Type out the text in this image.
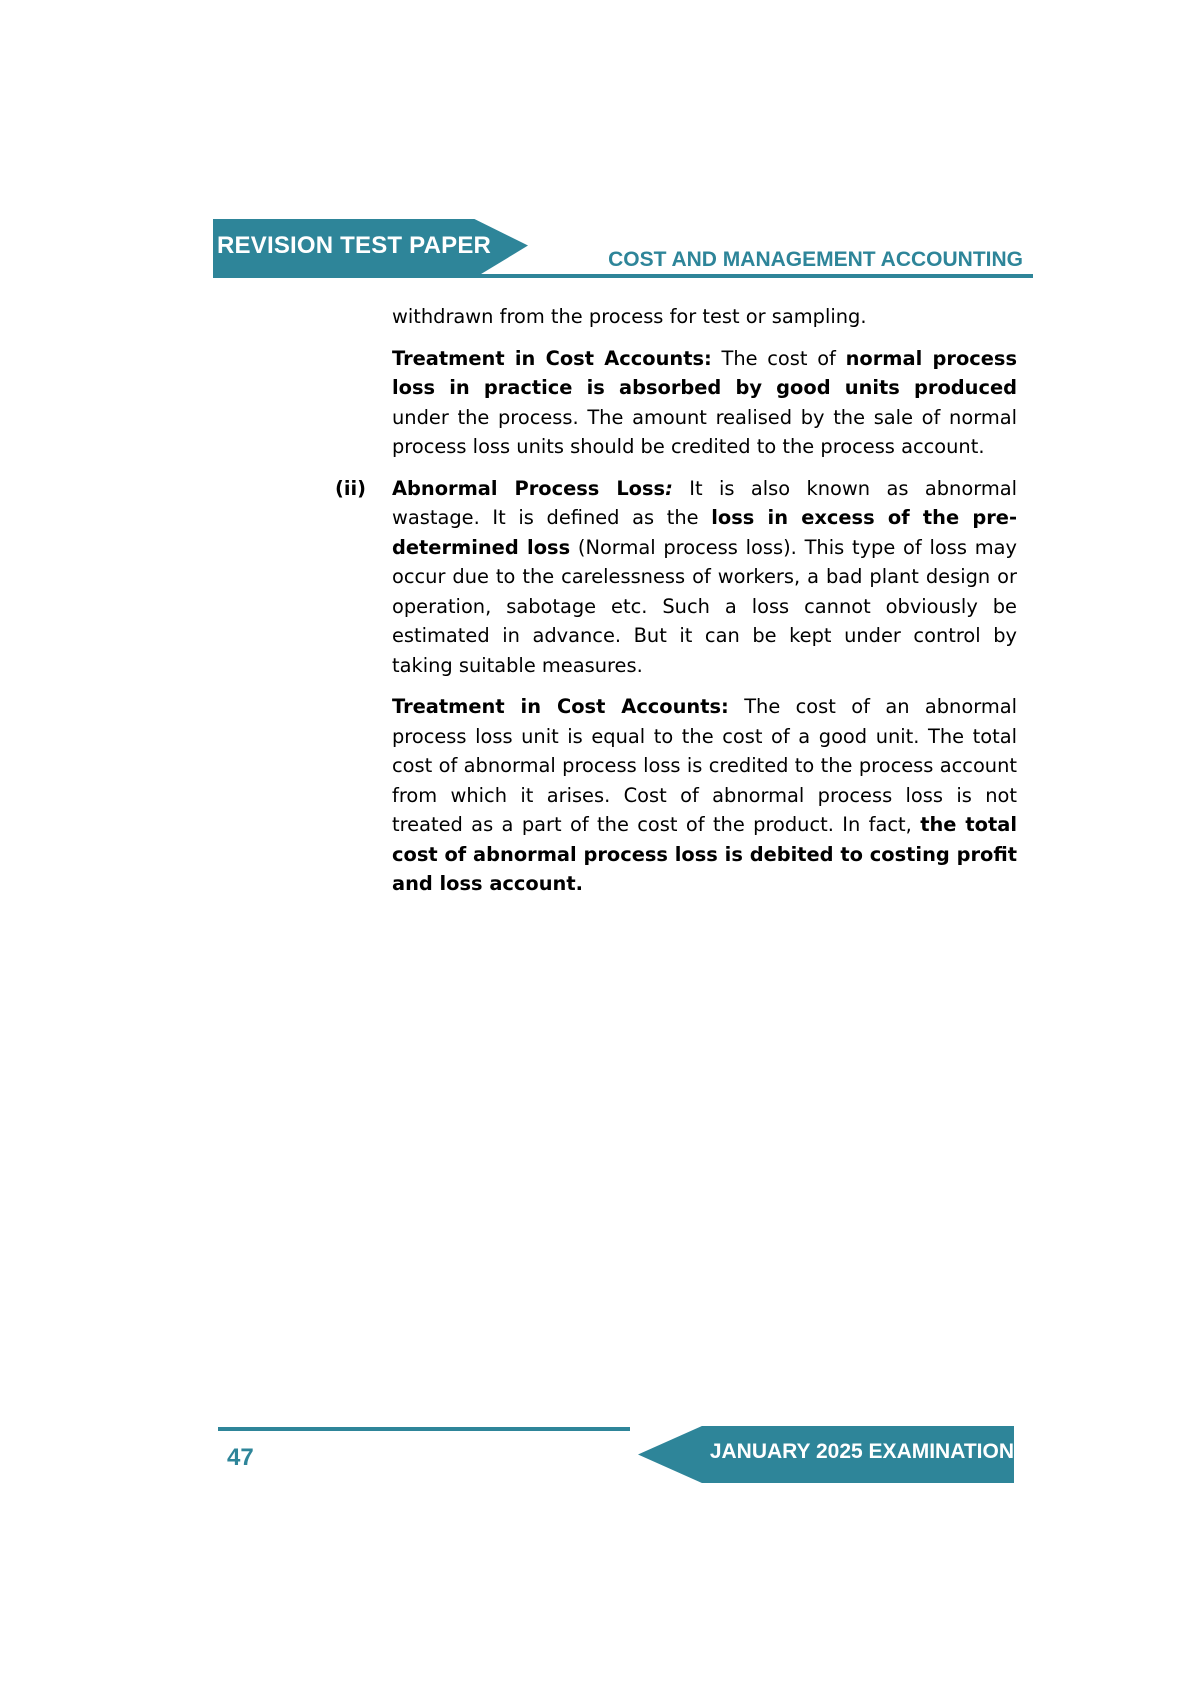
REVISION TEST PAPER
COST AND MANAGEMENT ACCOUNTING

withdrawn from the process for test or sampling.

Treatment in Cost Accounts: The cost of normal process loss in practice is absorbed by good units produced under the process. The amount realised by the sale of normal process loss units should be credited to the process account.

(ii) Abnormal Process Loss: It is also known as abnormal wastage. It is defined as the loss in excess of the pre-determined loss (Normal process loss). This type of loss may occur due to the carelessness of workers, a bad plant design or operation, sabotage etc. Such a loss cannot obviously be estimated in advance. But it can be kept under control by taking suitable measures.

Treatment in Cost Accounts: The cost of an abnormal process loss unit is equal to the cost of a good unit. The total cost of abnormal process loss is credited to the process account from which it arises. Cost of abnormal process loss is not treated as a part of the cost of the product. In fact, the total cost of abnormal process loss is debited to costing profit and loss account.

47	JANUARY 2025 EXAMINATION
